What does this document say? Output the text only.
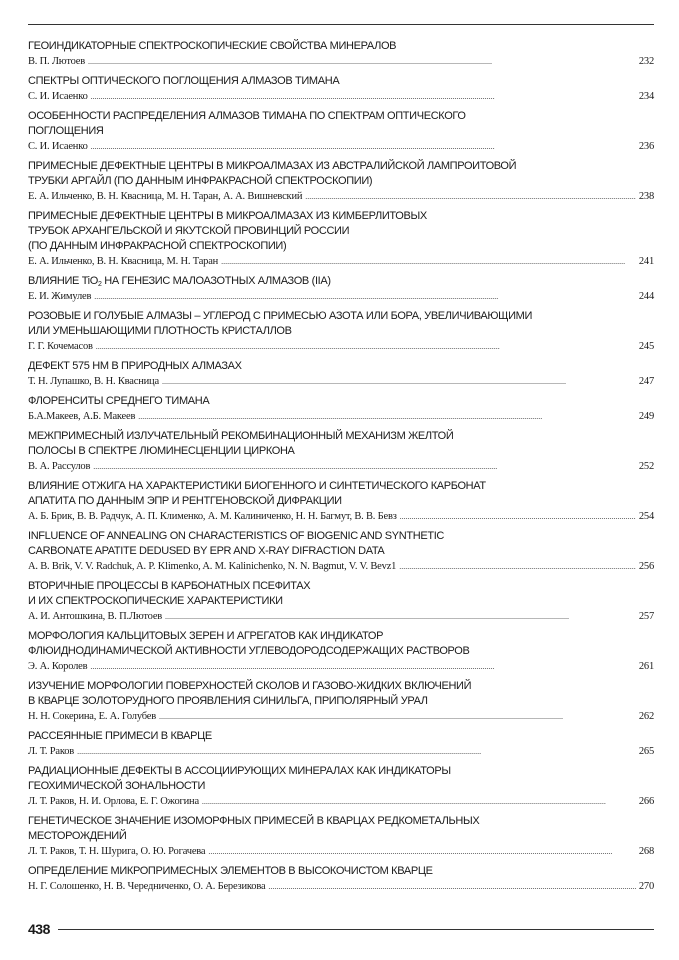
ГЕОИНДИКАТОРНЫЕ СПЕКТРОСКОПИЧЕСКИЕ СВОЙСТВА МИНЕРАЛОВ
В. П. Лютоев . . .	232
СПЕКТРЫ ОПТИЧЕСКОГО ПОГЛОЩЕНИЯ АЛМАЗОВ ТИМАНА
С. И. Исаенко . . .	234
ОСОБЕННОСТИ РАСПРЕДЕЛЕНИЯ АЛМАЗОВ ТИМАНА ПО СПЕКТРАМ ОПТИЧЕСКОГО
ПОГЛОЩЕНИЯ
С. И. Исаенко . . .	236
ПРИМЕСНЫЕ ДЕФЕКТНЫЕ ЦЕНТРЫ В МИКРОАЛМАЗАХ ИЗ АВСТРАЛИЙСКОЙ ЛАМПРОИТОВОЙ
ТРУБКИ АРГАЙЛ (ПО ДАННЫМ ИНФРАКРАСНОЙ СПЕКТРОСКОПИИ)
Е. А. Ильченко, В. Н. Квасница, М. Н. Таран, А. А. Вишневский . . .	238
ПРИМЕСНЫЕ ДЕФЕКТНЫЕ ЦЕНТРЫ В МИКРОАЛМАЗАХ ИЗ КИМБЕРЛИТОВЫХ
ТРУБОК АРХАНГЕЛЬСКОЙ И ЯКУТСКОЙ ПРОВИНЦИЙ РОССИИ
(ПО ДАННЫМ ИНФРАКРАСНОЙ СПЕКТРОСКОПИИ)
Е. А. Ильченко, В. Н. Квасница, М. Н. Таран . . .	241
ВЛИЯНИЕ TiO$_2$ НА ГЕНЕЗИС МАЛОАЗОТНЫХ АЛМАЗОВ (IIA)
Е. И. Жимулев . . .	244
РОЗОВЫЕ И ГОЛУБЫЕ АЛМАЗЫ – УГЛЕРОД С ПРИМЕСЬЮ АЗОТА ИЛИ БОРА, УВЕЛИЧИВАЮЩИМИ
ИЛИ УМЕНЬШАЮЩИМИ ПЛОТНОСТЬ КРИСТАЛЛОВ
Г. Г. Кочемасов . . .	245
ДЕФЕКТ 575 НМ В ПРИРОДНЫХ АЛМАЗАХ
Т. Н. Лупашко, В. Н. Квасница . . .	247
ФЛОРЕНСИТЫ СРЕДНЕГО ТИМАНА
Б.А.Макеев, А.Б. Макеев . . .	249
МЕЖПРИМЕСНЫЙ ИЗЛУЧАТЕЛЬНЫЙ РЕКОМБИНАЦИОННЫЙ МЕХАНИЗМ ЖЕЛТОЙ
ПОЛОСЫ В СПЕКТРЕ ЛЮМИНЕСЦЕНЦИИ ЦИРКОНА
В. А. Рассулов . . .	252
ВЛИЯНИЕ ОТЖИГА НА ХАРАКТЕРИСТИКИ БИОГЕННОГО И СИНТЕТИЧЕСКОГО КАРБОНАТ
АПАТИТА ПО ДАННЫМ ЭПР И РЕНТГЕНОВСКОЙ ДИФРАКЦИИ
А. Б. Брик, В. В. Радчук, А. П. Клименко, А. М. Калиниченко, Н. Н. Багмут, В. В. Бевз . . .	254
INFLUENCE OF ANNEALING ON CHARACTERISTICS OF BIOGENIC AND SYNTHETIC
CARBONATE APATITE DEDUSED BY EPR AND X-RAY DIFRACTION DATA
A. B. Brik, V. V. Radchuk, A. P. Klimenko, A. M. Kalinichenko, N. N. Bagmut, V. V. Bevz1 . . .	256
ВТОРИЧНЫЕ ПРОЦЕССЫ В КАРБОНАТНЫХ ПСЕФИТАХ
И ИХ СПЕКТРОСКОПИЧЕСКИЕ ХАРАКТЕРИСТИКИ
А. И. Антошкина, В. П.Лютоев . . .	257
МОРФОЛОГИЯ КАЛЬЦИТОВЫХ ЗЕРЕН И АГРЕГАТОВ КАК ИНДИКАТОР
ФЛЮИДНОДИНАМИЧЕСКОЙ АКТИВНОСТИ УГЛЕВОДОРОДСОДЕРЖАЩИХ РАСТВОРОВ
Э. А. Королев . . .	261
ИЗУЧЕНИЕ МОРФОЛОГИИ ПОВЕРХНОСТЕЙ СКОЛОВ И ГАЗОВО-ЖИДКИХ ВКЛЮЧЕНИЙ
В КВАРЦЕ ЗОЛОТОРУДНОГО ПРОЯВЛЕНИЯ СИНИЛЬГА, ПРИПОЛЯРНЫЙ УРАЛ
Н. Н. Сокерина, Е. А. Голубев . . .	262
РАССЕЯННЫЕ ПРИМЕСИ В КВАРЦЕ
Л. Т. Раков . . .	265
РАДИАЦИОННЫЕ ДЕФЕКТЫ В АССОЦИИРУЮЩИХ МИНЕРАЛАХ КАК ИНДИКАТОРЫ
ГЕОХИМИЧЕСКОЙ ЗОНАЛЬНОСТИ
Л. Т. Раков, Н. И. Орлова, Е. Г. Ожогина . . .	266
ГЕНЕТИЧЕСКОЕ ЗНАЧЕНИЕ ИЗОМОРФНЫХ ПРИМЕСЕЙ В КВАРЦАХ РЕДКОМЕТАЛЬНЫХ
МЕСТОРОЖДЕНИЙ
Л. Т. Раков, Т. Н. Шурига, О. Ю. Рогачева . . .	268
ОПРЕДЕЛЕНИЕ МИКРОПРИМЕСНЫХ ЭЛЕМЕНТОВ В ВЫСОКОЧИСТОМ КВАРЦЕ
Н. Г. Солошенко, Н. В. Чередниченко, О. А. Березикова . . .	270
438
